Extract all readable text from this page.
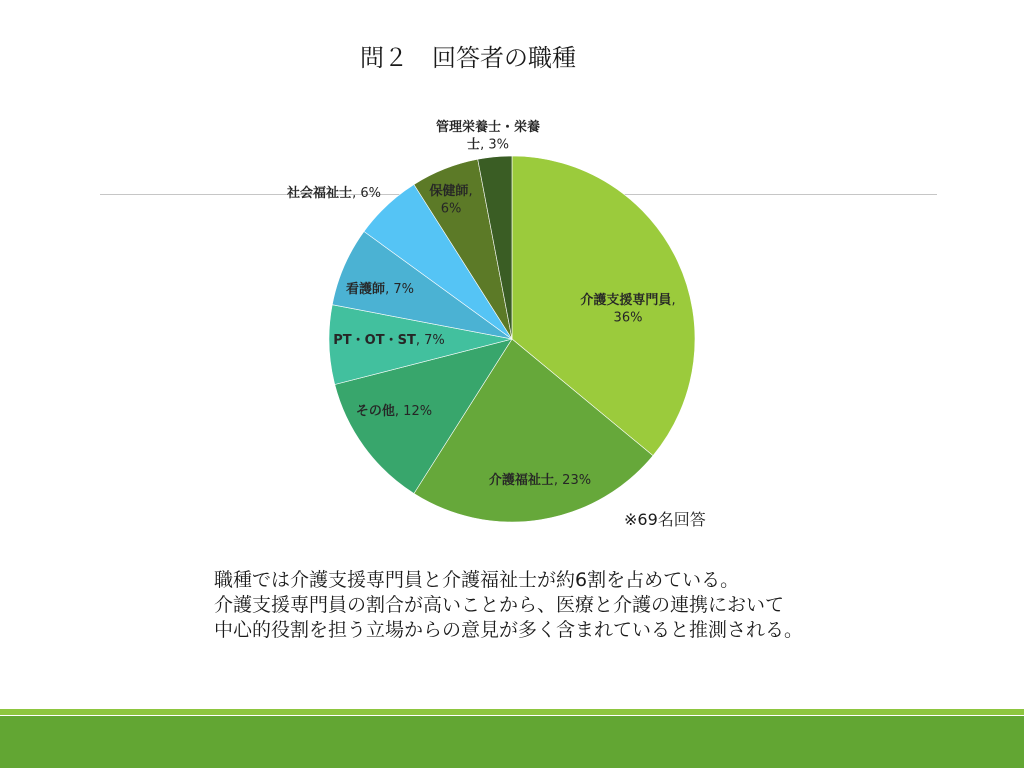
問２　回答者の職種
介護支援専門員,
36%
介護福祉士, 23%
その他, 12%
PT・OT・ST, 7%
看護師, 7%
社会福祉士, 6%	保健師,
6%
管理栄養士・栄養
士, 3%
※69名回答

職種では介護支援専門員と介護福祉士が約6割を占めている。

介護支援専門員の割合が高いことから、医療と介護の連携において

中心的役割を担う立場からの意見が多く含まれていると推測される。
